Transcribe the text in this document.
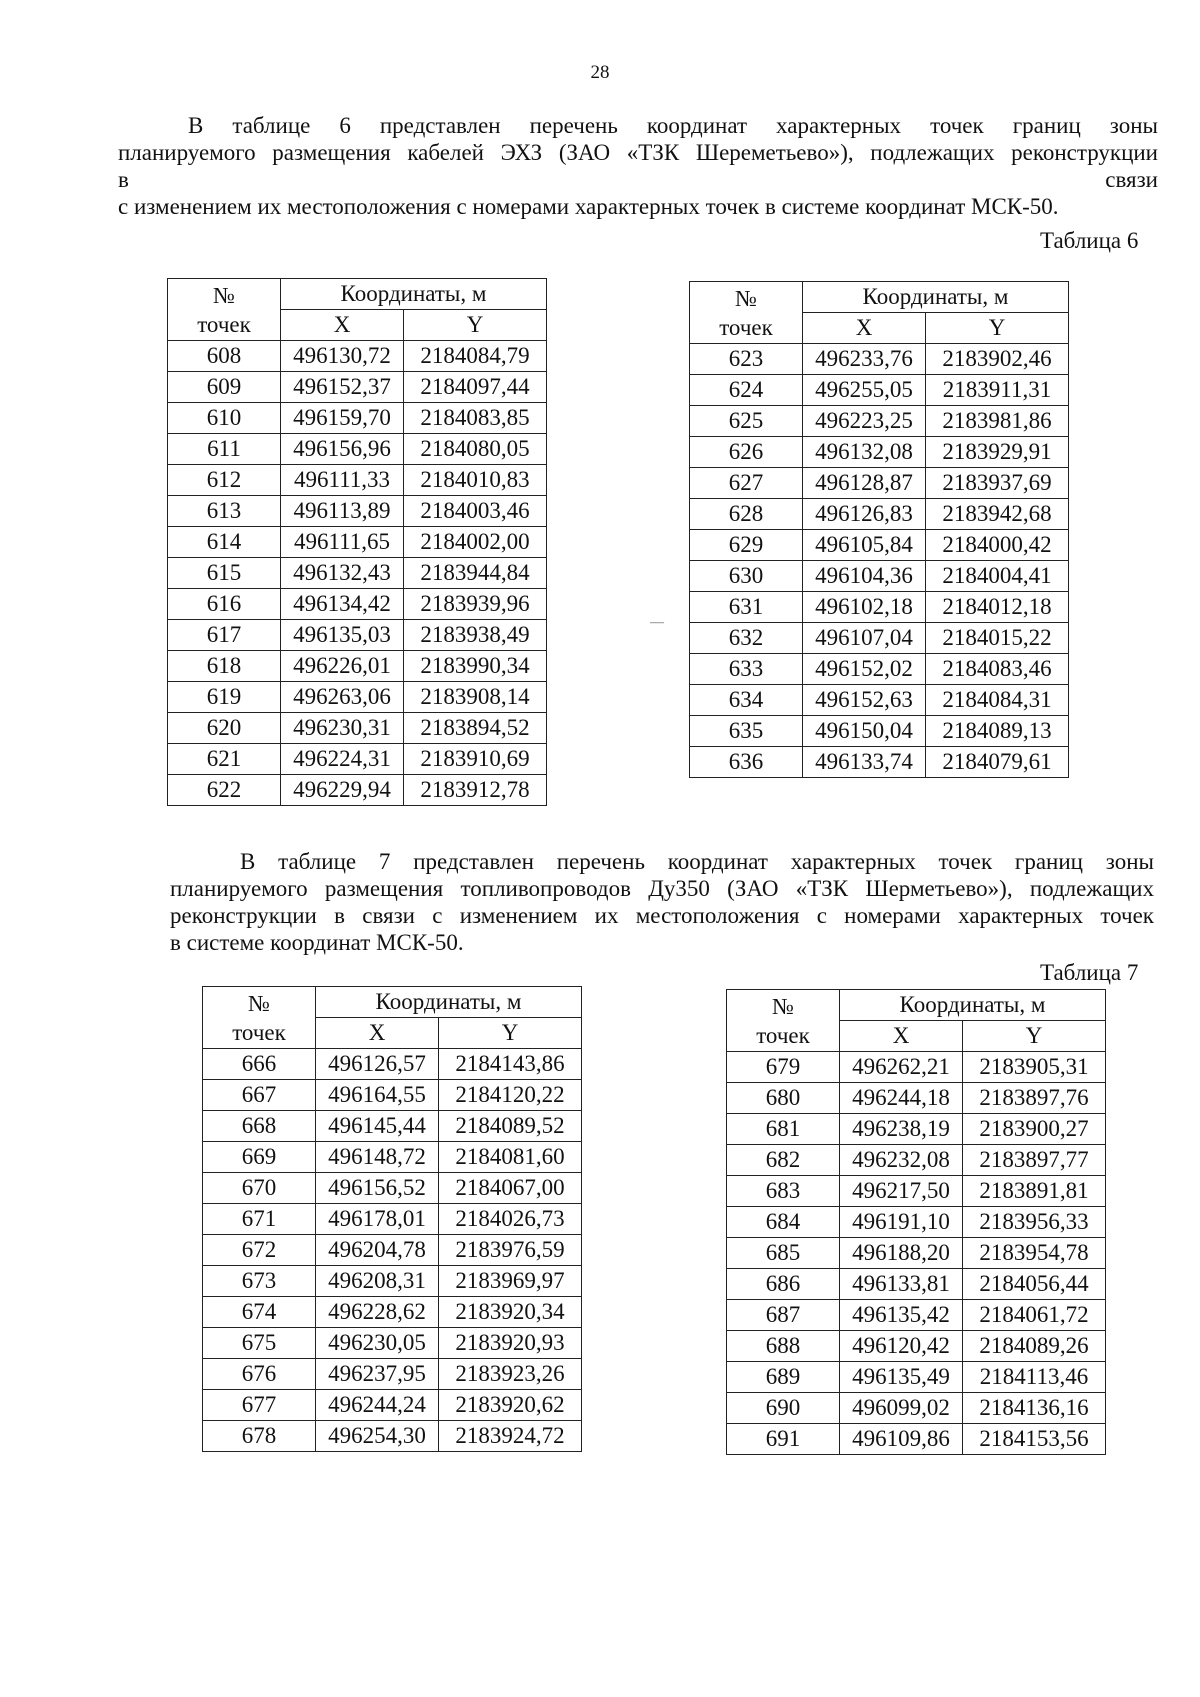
28
В таблице 6 представлен перечень координат характерных точек границ зоны
планируемого размещения кабелей ЭХЗ (ЗАО «ТЗК Шереметьево»), подлежащих реконструкции
в	связи
с изменением их местоположения с номерами характерных точек в системе координат МСК-50.
Таблица 6
№
точек	Координаты, м	
	X	Y
608	496130,72	2184084,79
609	496152,37	2184097,44
610	496159,70	2184083,85
611	496156,96	2184080,05
612	496111,33	2184010,83
613	496113,89	2184003,46
614	496111,65	2184002,00
615	496132,43	2183944,84
616	496134,42	2183939,96
617	496135,03	2183938,49
618	496226,01	2183990,34
619	496263,06	2183908,14
620	496230,31	2183894,52
621	496224,31	2183910,69
622	496229,94	2183912,78
№
точек	Координаты, м	
	X	Y
623	496233,76	2183902,46
624	496255,05	2183911,31
625	496223,25	2183981,86
626	496132,08	2183929,91
627	496128,87	2183937,69
628	496126,83	2183942,68
629	496105,84	2184000,42
630	496104,36	2184004,41
631	496102,18	2184012,18
632	496107,04	2184015,22
633	496152,02	2184083,46
634	496152,63	2184084,31
635	496150,04	2184089,13
636	496133,74	2184079,61
—
В таблице 7 представлен перечень координат характерных точек границ зоны
планируемого размещения топливопроводов Ду350 (ЗАО «ТЗК Шерметьево»), подлежащих
реконструкции в связи с изменением их местоположения с номерами характерных точек
в системе координат МСК-50.
Таблица 7
№
точек	Координаты, м	
	X	Y
666	496126,57	2184143,86
667	496164,55	2184120,22
668	496145,44	2184089,52
669	496148,72	2184081,60
670	496156,52	2184067,00
671	496178,01	2184026,73
672	496204,78	2183976,59
673	496208,31	2183969,97
674	496228,62	2183920,34
675	496230,05	2183920,93
676	496237,95	2183923,26
677	496244,24	2183920,62
678	496254,30	2183924,72
№
точек	Координаты, м	
	X	Y
679	496262,21	2183905,31
680	496244,18	2183897,76
681	496238,19	2183900,27
682	496232,08	2183897,77
683	496217,50	2183891,81
684	496191,10	2183956,33
685	496188,20	2183954,78
686	496133,81	2184056,44
687	496135,42	2184061,72
688	496120,42	2184089,26
689	496135,49	2184113,46
690	496099,02	2184136,16
691	496109,86	2184153,56
